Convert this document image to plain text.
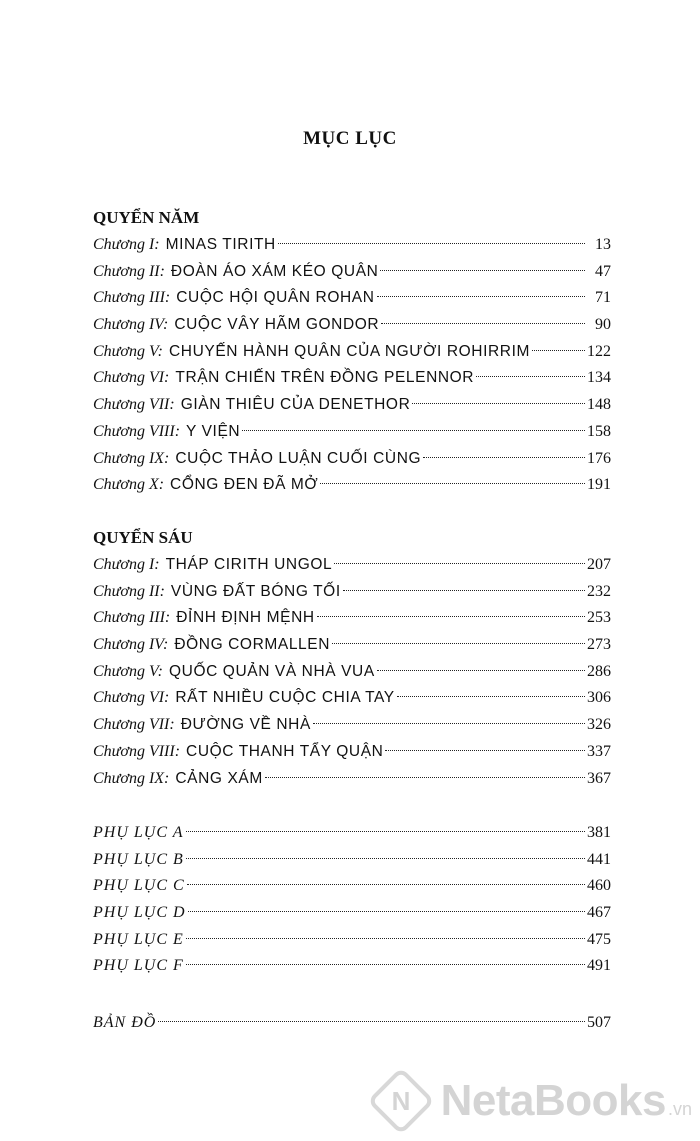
MỤC LỤC
QUYỂN NĂM
Chương I: MINAS TIRITH	13
Chương II: ĐOÀN ÁO XÁM KÉO QUÂN	47
Chương III: CUỘC HỘI QUÂN ROHAN	71
Chương IV: CUỘC VÂY HÃM GONDOR	90
Chương V: CHUYẾN HÀNH QUÂN CỦA NGƯỜI ROHIRRIM	122
Chương VI: TRẬN CHIẾN TRÊN ĐỒNG PELENNOR	134
Chương VII: GIÀN THIÊU CỦA DENETHOR	148
Chương VIII: Y VIỆN	158
Chương IX: CUỘC THẢO LUẬN CUỐI CÙNG	176
Chương X: CỔNG ĐEN ĐÃ MỞ	191
QUYỂN SÁU
Chương I: THÁP CIRITH UNGOL	207
Chương II: VÙNG ĐẤT BÓNG TỐI	232
Chương III: ĐỈNH ĐỊNH MỆNH	253
Chương IV: ĐỒNG CORMALLEN	273
Chương V: QUỐC QUẢN VÀ NHÀ VUA	286
Chương VI: RẤT NHIỀU CUỘC CHIA TAY	306
Chương VII: ĐƯỜNG VỀ NHÀ	326
Chương VIII: CUỘC THANH TẨY QUẬN	337
Chương IX: CẢNG XÁM	367
PHỤ LỤC A	381
PHỤ LỤC B	441
PHỤ LỤC C	460
PHỤ LỤC D	467
PHỤ LỤC E	475
PHỤ LỤC F	491
BẢN ĐỒ	507
N NetaBooks .vn
